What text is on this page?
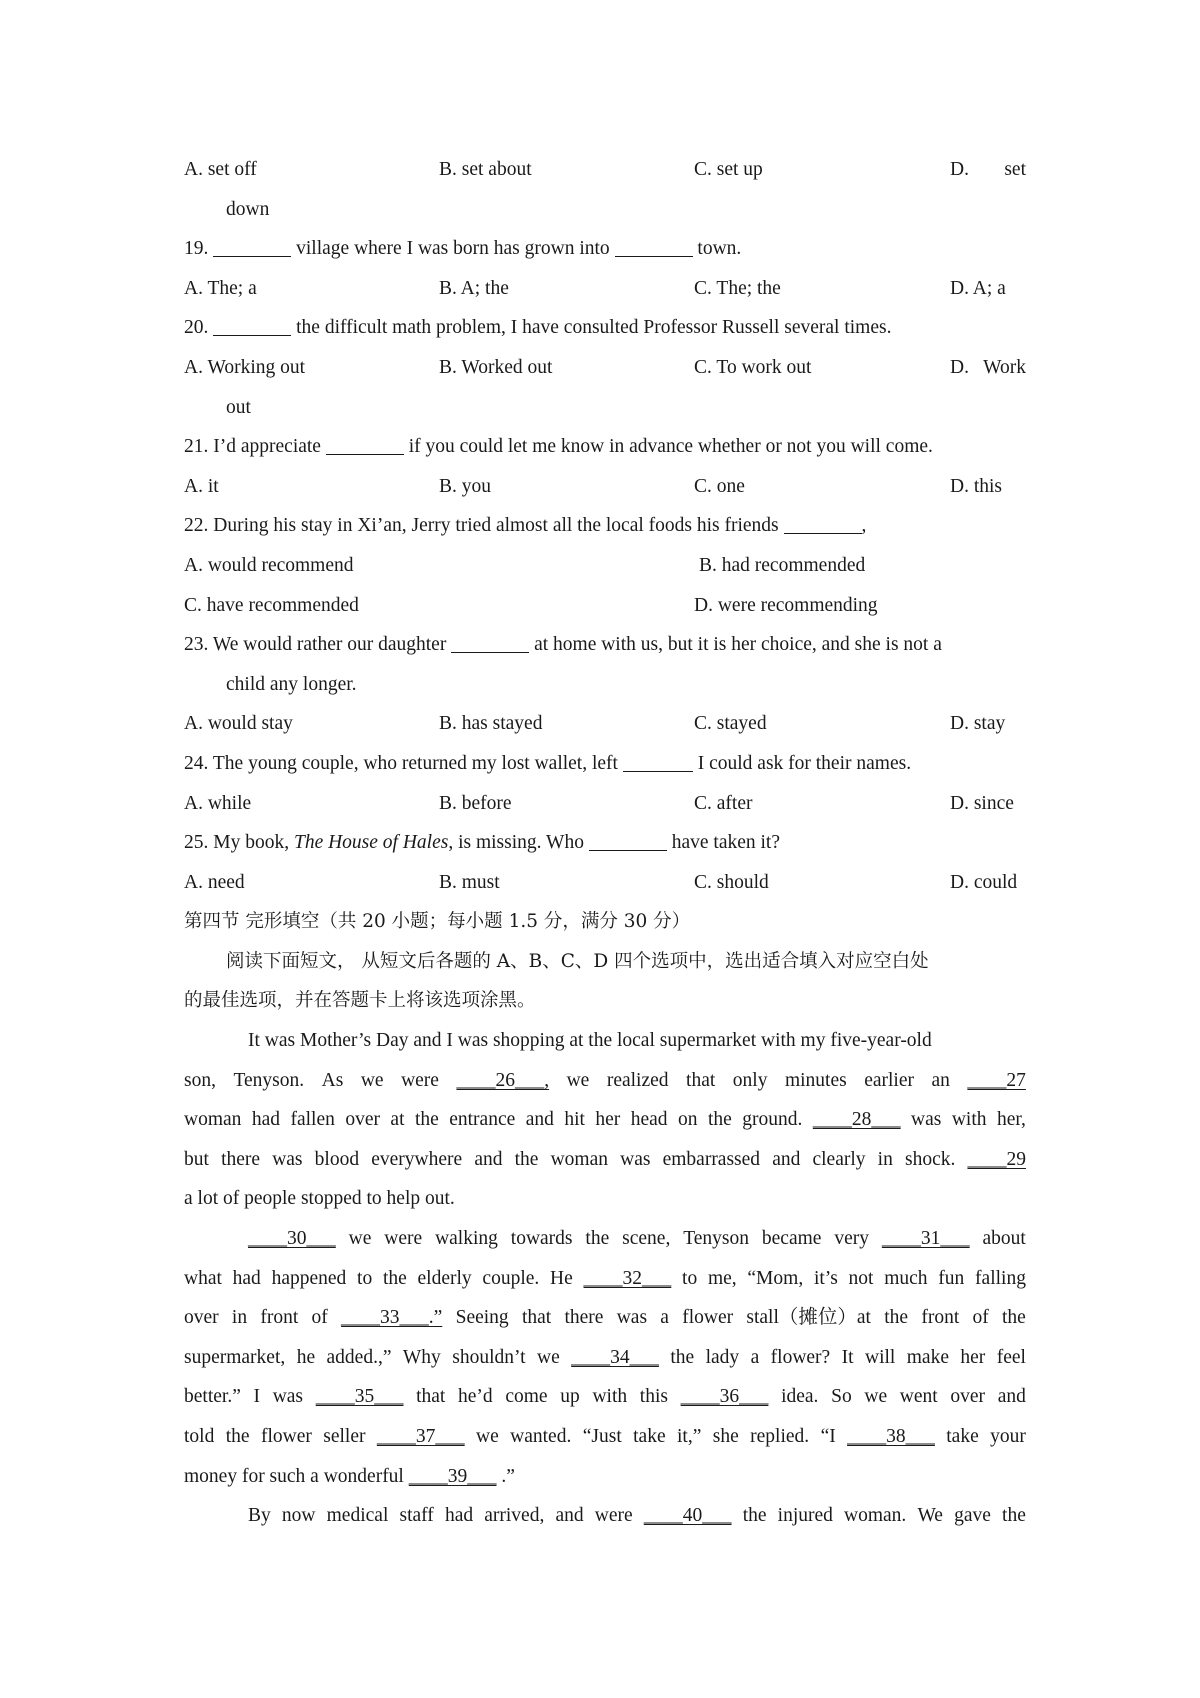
A. set off	B. set about	C. set up	D. set
down
19.	village where I was born has grown into	town.
A. The; a	B. A; the	C. The; the	D. A; a
20.	the difficult math problem, I have consulted Professor Russell several times.
A. Working out	B. Worked out	C. To work out	D. Work
out
21. I’d appreciate	if you could let me know in advance whether or not you will come.
A. it	B. you	C. one	D. this
22. During his stay in Xi’an, Jerry tried almost all the local foods his friends	,
A. would recommend	B. had recommended
C. have recommended	D. were recommending
23. We would rather our daughter	at home with us, but it is her choice, and she is not a
child any longer.
A. would stay	B. has stayed	C. stayed	D. stay
24. The young couple, who returned my lost wallet, left	I could ask for their names.
A. while	B. before	C. after	D. since
25. My book, The House of Hales, is missing. Who	have taken it?
A. need	B. must	C. should	D. could
第四节 完形填空（共 20 小题；每小题 1.5 分，满分 30 分）
阅读下面短文， 从短文后各题的 A、B、C、D 四个选项中，选出适合填入对应空白处
的最佳选项，并在答题卡上将该选项涂黑。
It was Mother’s Day and I was shopping at the local supermarket with my five-year-old
son, Tenyson. As we were ____26___, we realized that only minutes earlier an ____27
woman had fallen over at the entrance and hit her head on the ground. ____28___ was with her,
but there was blood everywhere and the woman was embarrassed and clearly in shock. ____29
a lot of people stopped to help out.
____30___ we were walking towards the scene, Tenyson became very ____31___ about
what had happened to the elderly couple. He ____32___ to me, “Mom, it’s not much fun falling
over in front of ____33___.” Seeing that there was a flower stall（摊位）at the front of the
supermarket, he added.,” Why shouldn’t we ____34___ the lady a flower? It will make her feel
better.” I was ____35___ that he’d come up with this ____36___ idea. So we went over and
told the flower seller ____37___ we wanted. “Just take it,” she replied. “I ____38___ take your
money for such a wonderful ____39___ .”
By now medical staff had arrived, and were ____40___ the injured woman. We gave the
